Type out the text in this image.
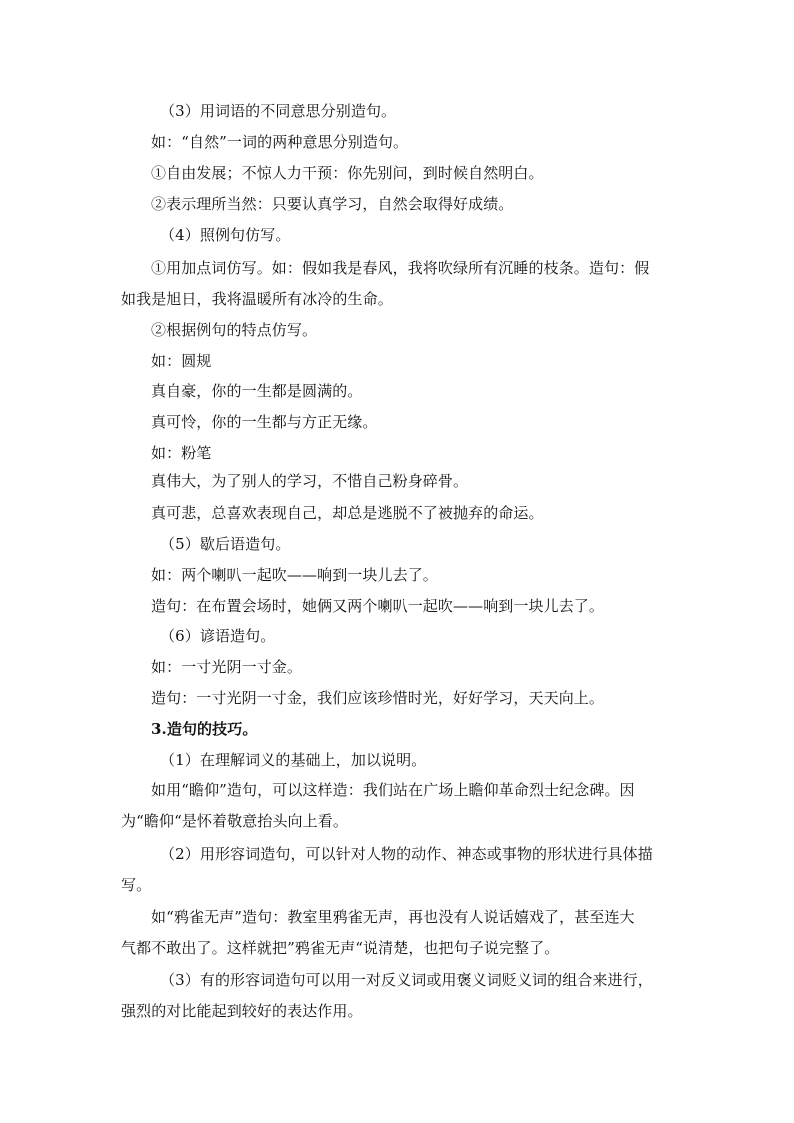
（3）用词语的不同意思分别造句。
如：“自然”一词的两种意思分别造句。
①自由发展；不惊人力干预：你先别问，到时候自然明白。
②表示理所当然：只要认真学习，自然会取得好成绩。
（4）照例句仿写。
①用加点词仿写。如：假如我是春风，我将吹绿所有沉睡的枝条。造句：假
如我是旭日，我将温暖所有冰冷的生命。
②根据例句的特点仿写。
如：圆规
真自豪，你的一生都是圆满的。
真可怜，你的一生都与方正无缘。
如：粉笔
真伟大，为了别人的学习，不惜自己粉身碎骨。
真可悲，总喜欢表现自己，却总是逃脱不了被抛弃的命运。
（5）歇后语造句。
如：两个喇叭一起吹——响到一块儿去了。
造句：在布置会场时，她俩又两个喇叭一起吹——响到一块儿去了。
（6）谚语造句。
如：一寸光阴一寸金。
造句：一寸光阴一寸金，我们应该珍惜时光，好好学习，天天向上。
3.造句的技巧。
（1）在理解词义的基础上，加以说明。
如用“瞻仰”造句，可以这样造：我们站在广场上瞻仰革命烈士纪念碑。因
为“瞻仰“是怀着敬意抬头向上看。
（2）用形容词造句，可以针对人物的动作、神态或事物的形状进行具体描
写。
如“鸦雀无声”造句：教室里鸦雀无声，再也没有人说话嬉戏了，甚至连大
气都不敢出了。这样就把”鸦雀无声“说清楚，也把句子说完整了。
（3）有的形容词造句可以用一对反义词或用褒义词贬义词的组合来进行，
强烈的对比能起到较好的表达作用。
